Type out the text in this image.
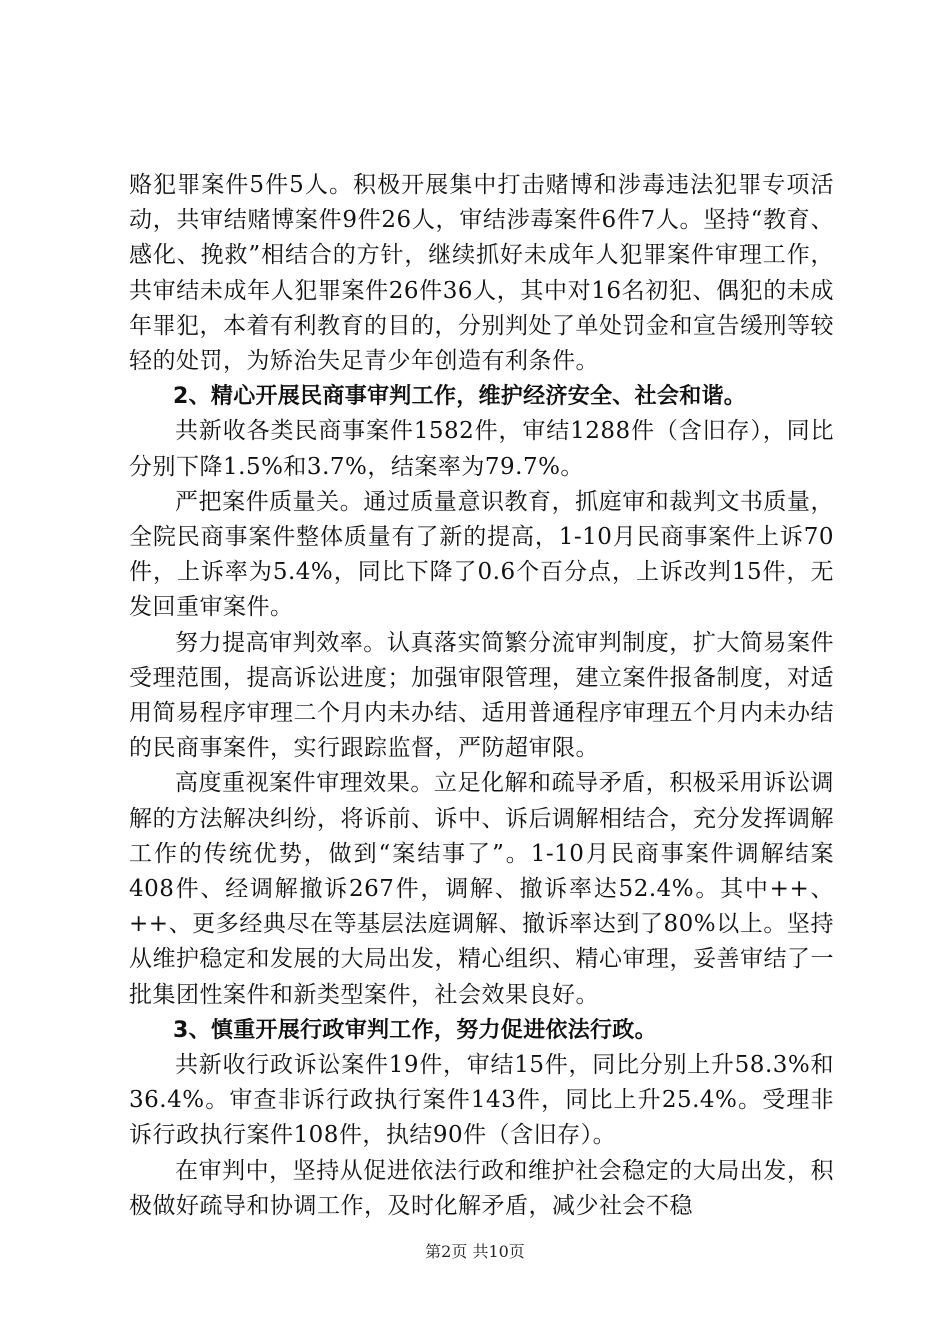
赂犯罪案件5件5人。积极开展集中打击赌博和涉毒违法犯罪专项活动，共审结赌博案件9件26人，审结涉毒案件6件7人。坚持“教育、感化、挽救”相结合的方针，继续抓好未成年人犯罪案件审理工作，共审结未成年人犯罪案件26件36人，其中对16名初犯、偶犯的未成年罪犯，本着有利教育的目的，分别判处了单处罚金和宣告缓刑等较轻的处罚，为矫治失足青少年创造有利条件。

2、精心开展民商事审判工作，维护经济安全、社会和谐。

共新收各类民商事案件1582件，审结1288件（含旧存），同比分别下降1.5%和3.7%，结案率为79.7%。

严把案件质量关。通过质量意识教育，抓庭审和裁判文书质量，全院民商事案件整体质量有了新的提高，1-10月民商事案件上诉70件，上诉率为5.4%，同比下降了0.6个百分点，上诉改判15件，无发回重审案件。

努力提高审判效率。认真落实简繁分流审判制度，扩大简易案件受理范围，提高诉讼进度；加强审限管理，建立案件报备制度，对适用简易程序审理二个月内未办结、适用普通程序审理五个月内未办结的民商事案件，实行跟踪监督，严防超审限。

高度重视案件审理效果。立足化解和疏导矛盾，积极采用诉讼调解的方法解决纠纷，将诉前、诉中、诉后调解相结合，充分发挥调解工作的传统优势，做到“案结事了”。1-10月民商事案件调解结案408件、经调解撤诉267件，调解、撤诉率达52.4%。其中++、++、更多经典尽在等基层法庭调解、撤诉率达到了80%以上。坚持从维护稳定和发展的大局出发，精心组织、精心审理，妥善审结了一批集团性案件和新类型案件，社会效果良好。

3、慎重开展行政审判工作，努力促进依法行政。

共新收行政诉讼案件19件，审结15件，同比分别上升58.3%和36.4%。审查非诉行政执行案件143件，同比上升25.4%。受理非诉行政执行案件108件，执结90件（含旧存）。

在审判中，坚持从促进依法行政和维护社会稳定的大局出发，积极做好疏导和协调工作，及时化解矛盾，减少社会不稳

第2页 共10页
